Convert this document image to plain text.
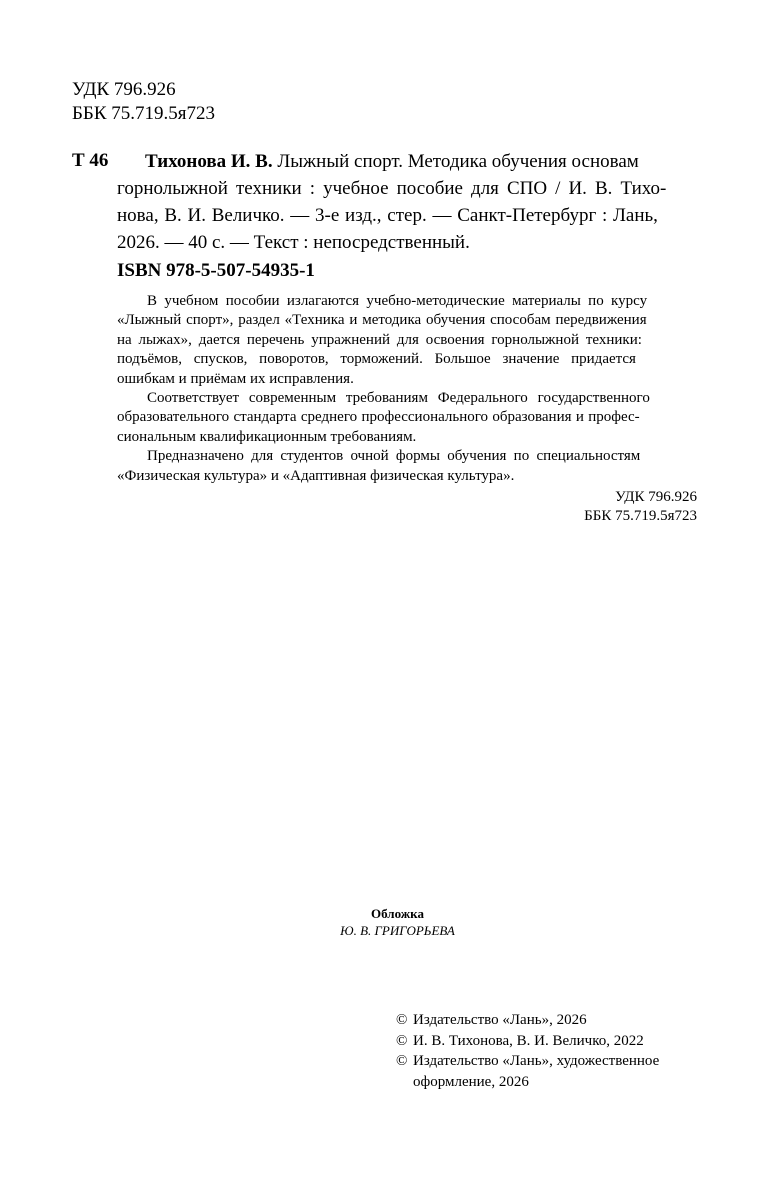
УДК 796.926
ББК 75.719.5я723
Т 46	Тихонова И. В. Лыжный спорт. Методика обучения основам
горнолыжной техники : учебное пособие для СПО / И. В. Тихо-
нова, В. И. Величко. — 3-е изд., стер. — Санкт-Петербург : Лань,
2026. — 40 с. — Текст : непосредственный.
ISBN 978-5-507-54935-1
В учебном пособии излагаются учебно-методические материалы по курсу
«Лыжный спорт», раздел «Техника и методика обучения способам передвижения
на лыжах», дается перечень упражнений для освоения горнолыжной техники:
подъёмов, спусков, поворотов, торможений. Большое значение придается
ошибкам и приёмам их исправления.
Соответствует современным требованиям Федерального государственного
образовательного стандарта среднего профессионального образования и профес-
сиональным квалификационным требованиям.
Предназначено для студентов очной формы обучения по специальностям
«Физическая культура» и «Адаптивная физическая культура».
УДК 796.926
ББК 75.719.5я723
Обложка
Ю. В. ГРИГОРЬЕВА
© Издательство «Лань», 2026
© И. В. Тихонова, В. И. Величко, 2022
© Издательство «Лань», художественное
оформление, 2026
